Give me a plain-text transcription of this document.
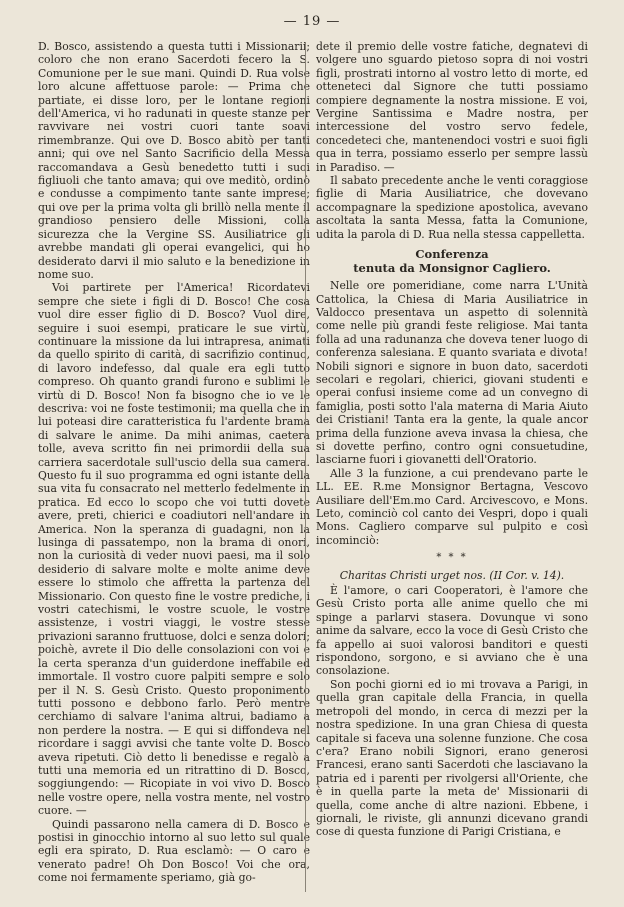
— 19 —

D. Bosco, assistendo a questa tutti i Missionarii; coloro che non erano Sacerdoti fecero la S. Comunione per le sue mani. Quindi D. Rua volse loro alcune affettuose parole: — Prima che partiate, ei disse loro, per le lontane regioni dell'America, vi ho radunati in queste stanze per ravvivare nei vostri cuori tante soavi rimembranze. Qui ove D. Bosco abitò per tanti anni; qui ove nel Santo Sacrificio della Messa raccomandava a Gesù benedetto tutti i suoi figliuoli che tanto amava; qui ove meditò, ordinò e condusse a compimento tante sante imprese; qui ove per la prima volta gli brillò nella mente il grandioso pensiero delle Missioni, colla sicurezza che la Vergine SS. Ausiliatrice gli avrebbe mandati gli operai evangelici, qui ho desiderato darvi il mio saluto e la benedizione in nome suo.

Voi partirete per l'America! Ricordatevi sempre che siete i figli di D. Bosco! Che cosa vuol dire esser figlio di D. Bosco? Vuol dire, seguire i suoi esempi, praticare le sue virtù, continuare la missione da lui intrapresa, animati da quello spirito di carità, di sacrifizio continuo, di lavoro indefesso, dal quale era egli tutto compreso. Oh quanto grandi furono e sublimi le virtù di D. Bosco! Non fa bisogno che io ve le descriva: voi ne foste testimonii; ma quella che in lui poteasi dire caratteristica fu l'ardente brama di salvare le anime. Da mihi animas, caetera tolle, aveva scritto fin nei primordii della sua carriera sacerdotale sull'uscio della sua camera. Questo fu il suo programma ed ogni istante della sua vita fu consacrato nel metterlo fedelmente in pratica. Ed ecco lo scopo che voi tutti dovete avere, preti, chierici e coadiutori nell'andare in America. Non la speranza di guadagni, non la lusinga di passatempo, non la brama di onori, non la curiosità di veder nuovi paesi, ma il solo desiderio di salvare molte e molte anime deve essere lo stimolo che affretta la partenza del Missionario. Con questo fine le vostre prediche, i vostri catechismi, le vostre scuole, le vostre assistenze, i vostri viaggi, le vostre stesse privazioni saranno fruttuose, dolci e senza dolori; poichè, avrete il Dio delle consolazioni con voi e la certa speranza d'un guiderdone ineffabile ed immortale. Il vostro cuore palpiti sempre e solo per il N. S. Gesù Cristo. Questo proponimento tutti possono e debbono farlo. Però mentre cerchiamo di salvare l'anima altrui, badiamo a non perdere la nostra. — E qui si diffondeva nel ricordare i saggi avvisi che tante volte D. Bosco aveva ripetuti. Ciò detto li benedisse e regalò a tutti una memoria ed un ritrattino di D. Bosco, soggiungendo: — Ricopiate in voi vivo D. Bosco nelle vostre opere, nella vostra mente, nel vostro cuore. —

Quindi passarono nella camera di D. Bosco e postisi in ginocchio intorno al suo letto sul quale egli era spirato, D. Rua esclamò: — O caro e venerato padre! Oh Don Bosco! Voi che ora, come noi fermamente speriamo, già go-

dete il premio delle vostre fatiche, degnatevi di volgere uno sguardo pietoso sopra di noi vostri figli, prostrati intorno al vostro letto di morte, ed otteneteci dal Signore che tutti possiamo compiere degnamente la nostra missione. E voi, Vergine Santissima e Madre nostra, per intercessione del vostro servo fedele, concedeteci che, mantenendoci vostri e suoi figli qua in terra, possiamo esserlo per sempre lassù in Paradiso. —

Il sabato precedente anche le venti coraggiose figlie di Maria Ausiliatrice, che dovevano accompagnare la spedizione apostolica, avevano ascoltata la santa Messa, fatta la Comunione, udita la parola di D. Rua nella stessa cappelletta.

Conferenza
tenuta da Monsignor Cagliero.

Nelle ore pomeridiane, come narra L'Unità Cattolica, la Chiesa di Maria Ausiliatrice in Valdocco presentava un aspetto di solennità come nelle più grandi feste religiose. Mai tanta folla ad una radunanza che doveva tener luogo di conferenza salesiana. E quanto svariata e divota! Nobili signori e signore in buon dato, sacerdoti secolari e regolari, chierici, giovani studenti e operai confusi insieme come ad un convegno di famiglia, posti sotto l'ala materna di Maria Aiuto dei Cristiani! Tanta era la gente, la quale ancor prima della funzione aveva invasa la chiesa, che si dovette perfino, contro ogni consuetudine, lasciarne fuori i giovanetti dell'Oratorio.

Alle 3 la funzione, a cui prendevano parte le LL. EE. R.me Monsignor Bertagna, Vescovo Ausiliare dell'Em.mo Card. Arcivescovo, e Mons. Leto, cominciò col canto dei Vespri, dopo i quali Mons. Cagliero comparve sul pulpito e così incominciò:

* * *
Charitas Christi urget nos. (II Cor. v. 14).

È l'amore, o cari Cooperatori, è l'amore che Gesù Cristo porta alle anime quello che mi spinge a parlarvi stasera. Dovunque vi sono anime da salvare, ecco la voce di Gesù Cristo che fa appello ai suoi valorosi banditori e questi rispondono, sorgono, e si avviano che è una consolazione.

Son pochi giorni ed io mi trovava a Parigi, in quella gran capitale della Francia, in quella metropoli del mondo, in cerca di mezzi per la nostra spedizione. In una gran Chiesa di questa capitale si faceva una solenne funzione. Che cosa c'era? Erano nobili Signori, erano generosi Francesi, erano santi Sacerdoti che lasciavano la patria ed i parenti per rivolgersi all'Oriente, che è in quella parte la meta de' Missionarii di quella, come anche di altre nazioni. Ebbene, i giornali, le riviste, gli annunzi dicevano grandi cose di questa funzione di Parigi Cristiana, e
